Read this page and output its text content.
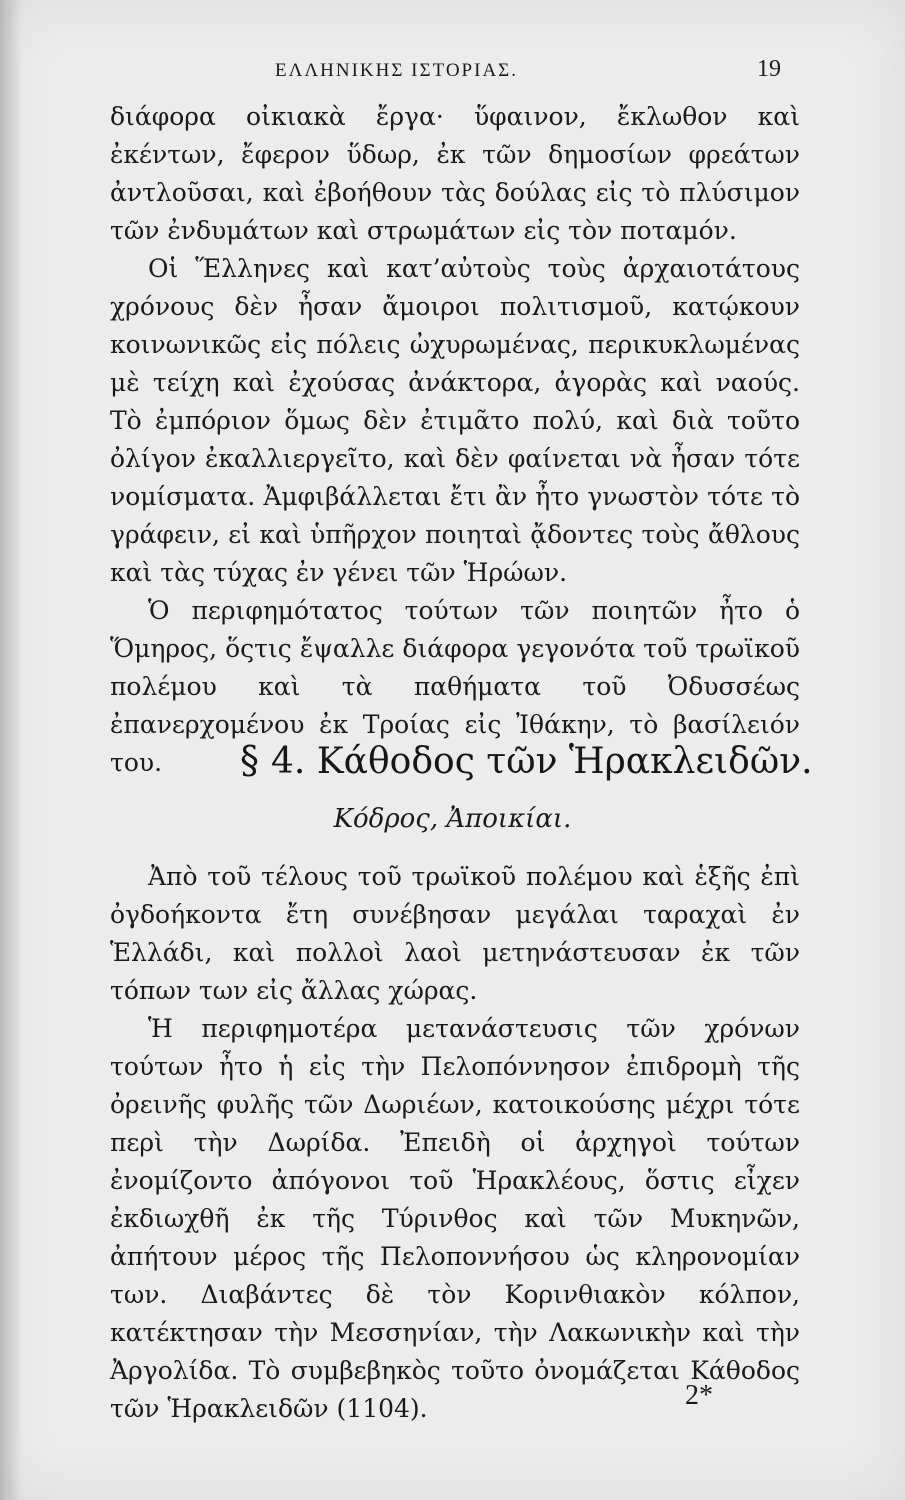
ΕΛΛΗΝΙΚΗΣ ΙΣΤΟΡΙΑΣ.	19

διάφορα οἰκιακὰ ἔργα· ὕφαινον, ἔκλωθον καὶ ἐκέντων, ἔφερον ὕδωρ, ἐκ τῶν δημοσίων φρεάτων ἀντλοῦσαι, καὶ ἐβοήθουν τὰς δούλας εἰς τὸ πλύσιμον τῶν ἐνδυμάτων καὶ στρωμάτων εἰς τὸν ποταμόν.

Οἱ Ἕλληνες καὶ κατ’αὐτοὺς τοὺς ἀρχαιοτάτους χρόνους δὲν ἦσαν ἄμοιροι πολιτισμοῦ, κατῴκουν κοινωνικῶς εἰς πόλεις ὠχυρωμένας, περικυκλωμένας μὲ τείχη καὶ ἐχούσας ἀνάκτορα, ἀγορὰς καὶ ναούς. Τὸ ἐμπόριον ὅμως δὲν ἐτιμᾶτο πολύ, καὶ διὰ τοῦτο ὀλίγον ἐκαλλιεργεῖτο, καὶ δὲν φαίνεται νὰ ἦσαν τότε νομίσματα. Ἀμφιβάλλεται ἔτι ἂν ἦτο γνωστὸν τότε τὸ γράφειν, εἰ καὶ ὑπῆρχον ποιηταὶ ᾄδοντες τοὺς ἄθλους καὶ τὰς τύχας ἐν γένει τῶν Ἡρώων.

Ὁ περιφημότατος τούτων τῶν ποιητῶν ἦτο ὁ Ὅμηρος, ὅςτις ἔψαλλε διάφορα γεγονότα τοῦ τρωϊκοῦ πολέμου καὶ τὰ παθήματα τοῦ Ὀδυσσέως ἐπανερχομένου ἐκ Τροίας εἰς Ἰθάκην, τὸ βασίλειόν του.	§ 4. Κάθοδος τῶν Ἡρακλειδῶν.
Κόδρος, Ἀποικίαι.

Ἀπὸ τοῦ τέλους τοῦ τρωϊκοῦ πολέμου καὶ ἑξῆς ἐπὶ ὀγδοήκοντα ἔτη συνέβησαν μεγάλαι ταραχαὶ ἐν Ἑλλάδι, καὶ πολλοὶ λαοὶ μετηνάστευσαν ἐκ τῶν τόπων των εἰς ἄλλας χώρας.

Ἡ περιφημοτέρα μετανάστευσις τῶν χρόνων τούτων ἦτο ἡ εἰς τὴν Πελοπόννησον ἐπιδρομὴ τῆς ὀρεινῆς φυλῆς τῶν Δωριέων, κατοικούσης μέχρι τότε περὶ τὴν Δωρίδα. Ἐπειδὴ οἱ ἀρχηγοὶ τούτων ἐνομίζοντο ἀπόγονοι τοῦ Ἡρακλέους, ὅστις εἶχεν ἐκδιωχθῆ ἐκ τῆς Τύρινθος καὶ τῶν Μυκηνῶν, ἀπήτουν μέρος τῆς Πελοποννήσου ὡς κληρονομίαν των. Διαβάντες δὲ τὸν Κορινθιακὸν κόλπον, κατέκτησαν τὴν Μεσσηνίαν, τὴν Λακωνικὴν καὶ τὴν Ἀργολίδα. Τὸ συμβεβηκὸς τοῦτο ὀνομάζεται Κάθοδος τῶν Ἡρακλειδῶν (1104).	2*
